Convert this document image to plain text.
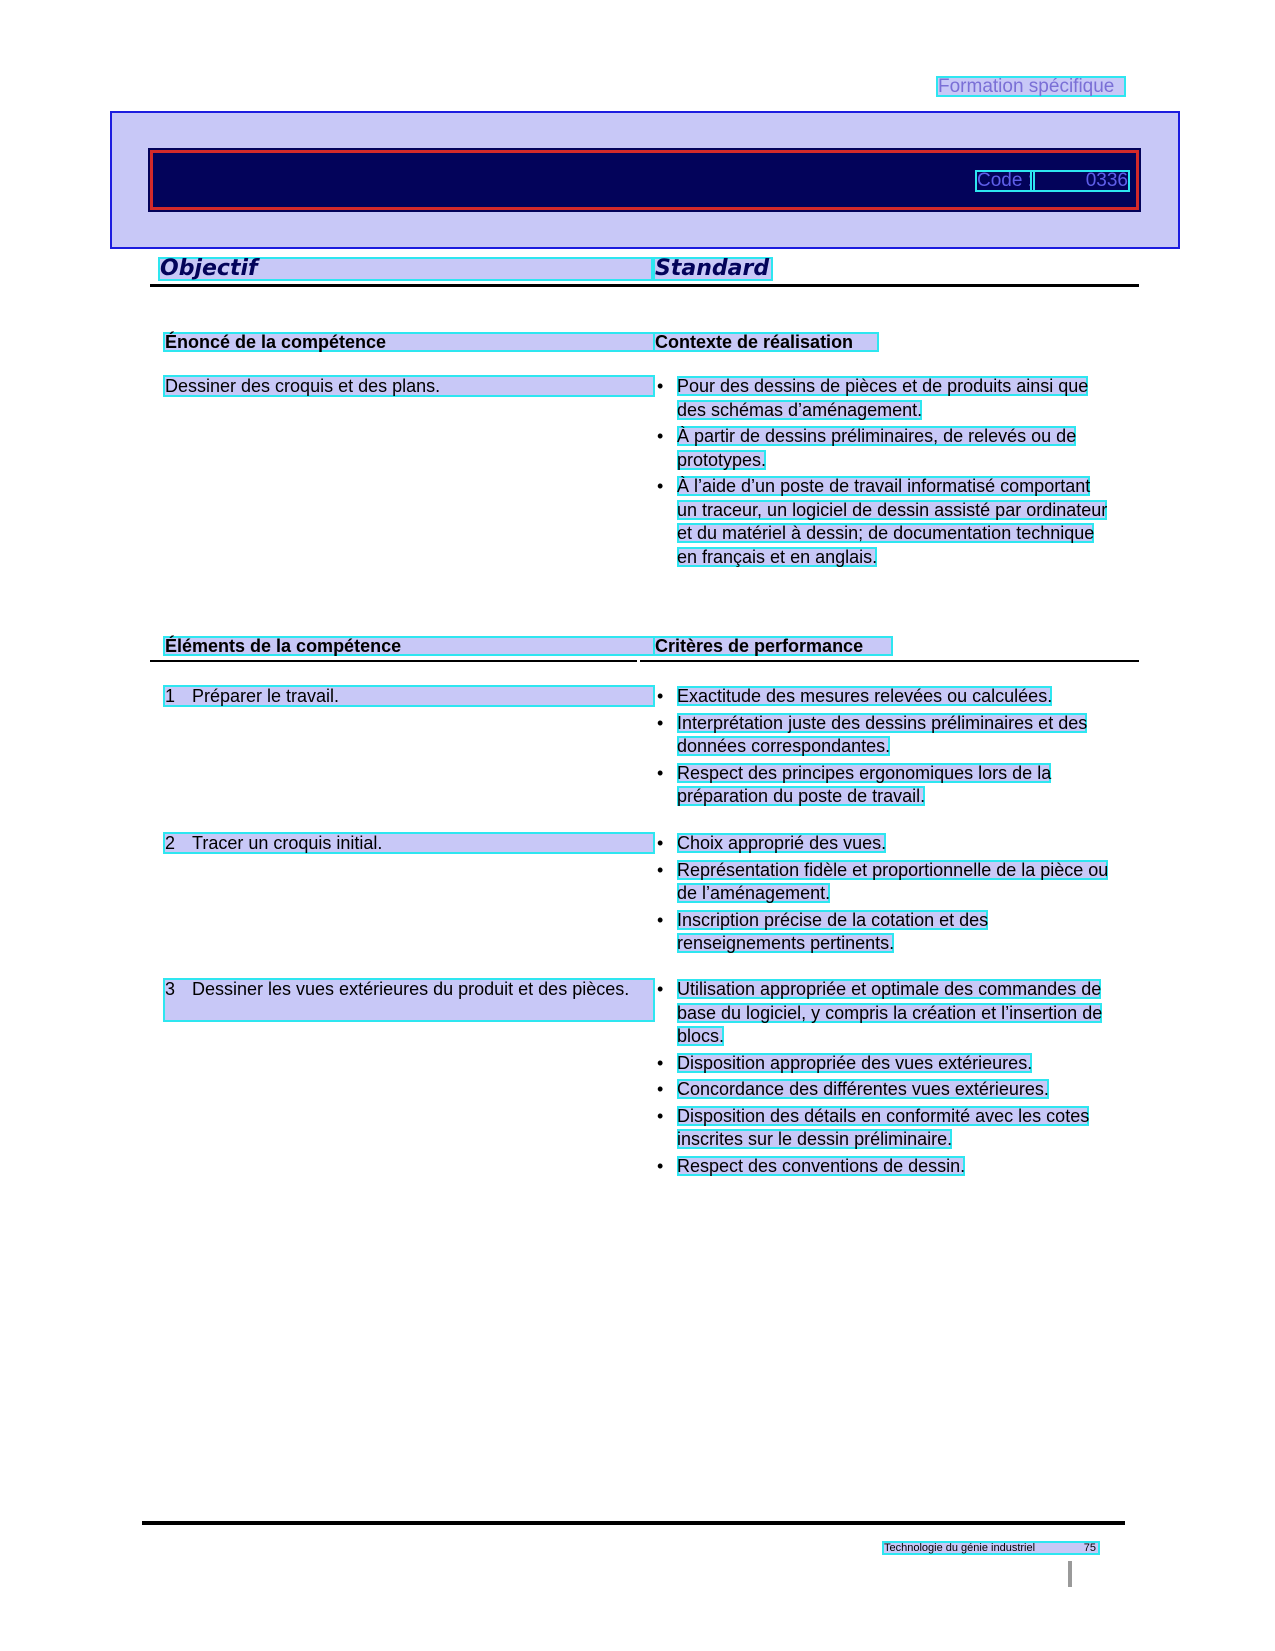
Formation spécifique
Code :	0336
Objectif	Standard
Énoncé de la compétence	Contexte de réalisation
Dessiner des croquis et des plans.	• Pour des dessins de pièces et de produits ainsi que des schémas d’aménagement.
• À partir de dessins préliminaires, de relevés ou de prototypes.
• À l’aide d’un poste de travail informatisé comportant un traceur, un logiciel de dessin assisté par ordinateur et du matériel à dessin; de documentation technique en français et en anglais.
Éléments de la compétence	Critères de performance
1 Préparer le travail.	• Exactitude des mesures relevées ou calculées.
• Interprétation juste des dessins préliminaires et des données correspondantes.
• Respect des principes ergonomiques lors de la préparation du poste de travail.
2 Tracer un croquis initial.	• Choix approprié des vues.
• Représentation fidèle et proportionnelle de la pièce ou de l’aménagement.
• Inscription précise de la cotation et des renseignements pertinents.
3 Dessiner les vues extérieures du produit et des pièces.	• Utilisation appropriée et optimale des commandes de base du logiciel, y compris la création et l’insertion de blocs.
• Disposition appropriée des vues extérieures.
• Concordance des différentes vues extérieures.
• Disposition des détails en conformité avec les cotes inscrites sur le dessin préliminaire.
• Respect des conventions de dessin.
Technologie du génie industriel	75
